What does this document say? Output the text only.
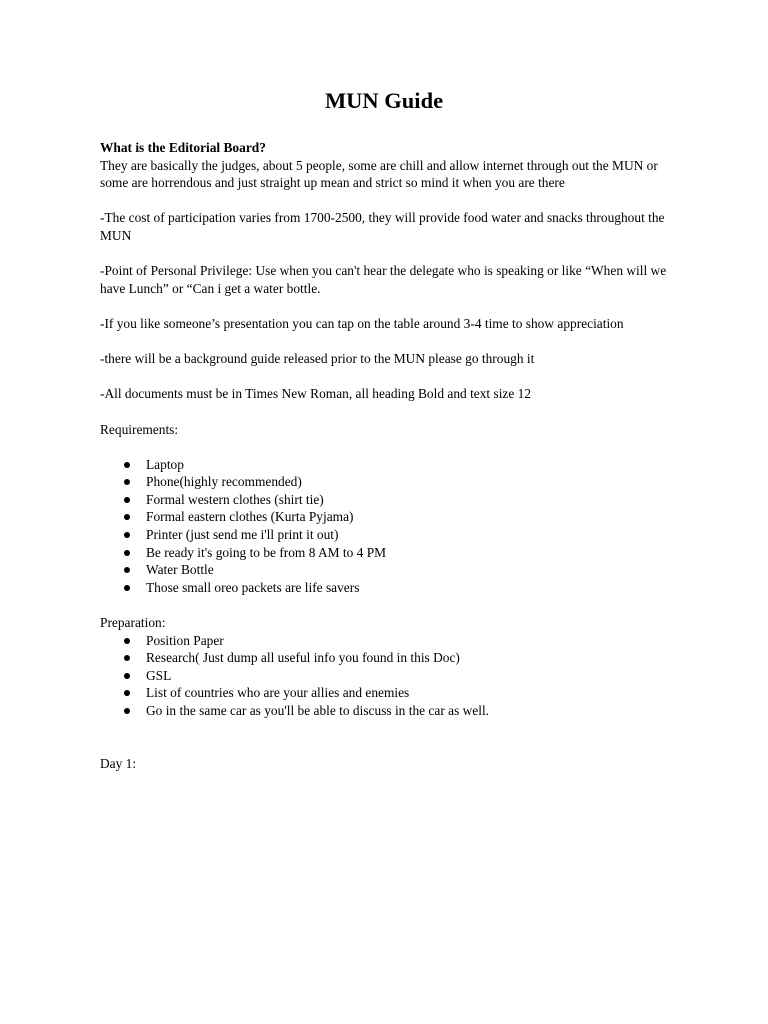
MUN Guide

What is the Editorial Board?

They are basically the judges, about 5 people, some are chill and allow internet through out the MUN or some are horrendous and just straight up mean and strict so mind it when you are there

-The cost of participation varies from 1700-2500, they will provide food water and snacks throughout the MUN

-Point of Personal Privilege: Use when you can't hear the delegate who is speaking or like “When will we have Lunch” or “Can i get a water bottle.

-If you like someone’s presentation you can tap on the table around 3-4 time to show appreciation

-there will be a background guide released prior to the MUN please go through it

-All documents must be in Times New Roman, all heading Bold and text size 12

Requirements:

Laptop
Phone(highly recommended)
Formal western clothes (shirt tie)
Formal eastern clothes (Kurta Pyjama)
Printer (just send me i'll print it out)
Be ready it's going to be from 8 AM to 4 PM
Water Bottle
Those small oreo packets are life savers

Preparation:

Position Paper
Research( Just dump all useful info you found in this Doc)
GSL
List of countries who are your allies and enemies
Go in the same car as you'll be able to discuss in the car as well.

Day 1:
